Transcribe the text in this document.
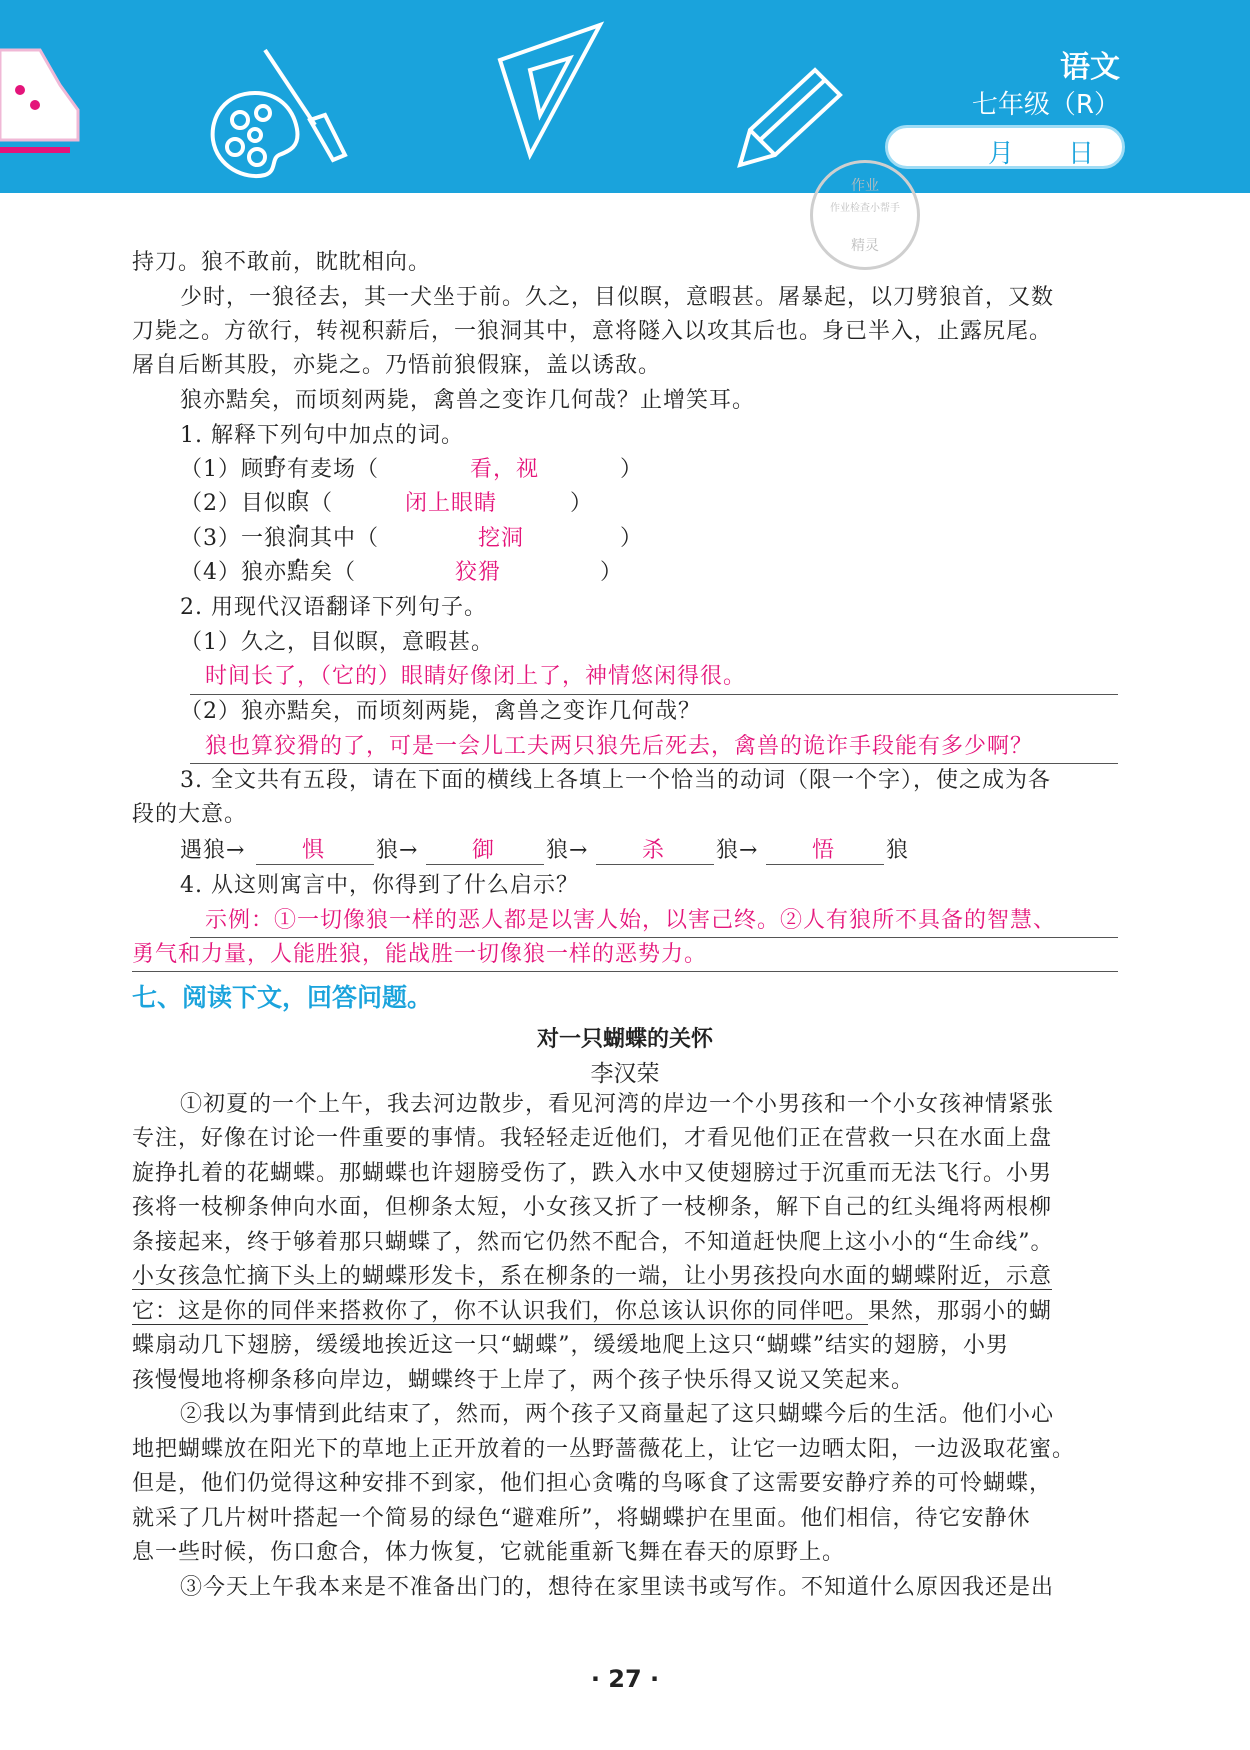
语文
七年级（R）
月 日
作业
作业检查小帮手
精灵
持刀。狼不敢前，眈眈相向。
少时，一狼径去，其一犬坐于前。久之，目似瞑，意暇甚。屠暴起，以刀劈狼首，又数
刀毙之。方欲行，转视积薪后，一狼洞其中，意将隧入以攻其后也。身已半入，止露尻尾。
屠自后断其股，亦毙之。乃悟前狼假寐，盖以诱敌。
狼亦黠矣，而顷刻两毙，禽兽之变诈几何哉？止增笑耳。
1. 解释下列句中加点的词。
（1）顾野有麦场（	看，视	）
（2）目似瞑（	闭上眼睛	）
（3）一狼洞其中（	挖洞	）
（4）狼亦黠矣（	狡猾	）
2. 用现代汉语翻译下列句子。
（1）久之，目似瞑，意暇甚。
时间长了，（它的）眼睛好像闭上了，神情悠闲得很。
（2）狼亦黠矣，而顷刻两毙，禽兽之变诈几何哉？
狼也算狡猾的了，可是一会儿工夫两只狼先后死去，禽兽的诡诈手段能有多少啊？
3. 全文共有五段，请在下面的横线上各填上一个恰当的动词（限一个字），使之成为各
段的大意。
遇狼→	惧 狼→ 御 狼→ 杀 狼→ 悟 狼
4. 从这则寓言中，你得到了什么启示？
示例：①一切像狼一样的恶人都是以害人始，以害己终。②人有狼所不具备的智慧、
勇气和力量，人能胜狼，能战胜一切像狼一样的恶势力。
七、阅读下文，回答问题。
对一只蝴蝶的关怀
李汉荣
①初夏的一个上午，我去河边散步，看见河湾的岸边一个小男孩和一个小女孩神情紧张
专注，好像在讨论一件重要的事情。我轻轻走近他们，才看见他们正在营救一只在水面上盘
旋挣扎着的花蝴蝶。那蝴蝶也许翅膀受伤了，跌入水中又使翅膀过于沉重而无法飞行。小男
孩将一枝柳条伸向水面，但柳条太短，小女孩又折了一枝柳条，解下自己的红头绳将两根柳
条接起来，终于够着那只蝴蝶了，然而它仍然不配合，不知道赶快爬上这小小的“生命线”。
小女孩急忙摘下头上的蝴蝶形发卡，系在柳条的一端，让小男孩投向水面的蝴蝶附近，示意
它：这是你的同伴来搭救你了，你不认识我们，你总该认识你的同伴吧。果然，那弱小的蝴
蝶扇动几下翅膀，缓缓地挨近这一只“蝴蝶”，缓缓地爬上这只“蝴蝶”结实的翅膀，小男
孩慢慢地将柳条移向岸边，蝴蝶终于上岸了，两个孩子快乐得又说又笑起来。
②我以为事情到此结束了，然而，两个孩子又商量起了这只蝴蝶今后的生活。他们小心
地把蝴蝶放在阳光下的草地上正开放着的一丛野蔷薇花上，让它一边晒太阳，一边汲取花蜜。
但是，他们仍觉得这种安排不到家，他们担心贪嘴的鸟啄食了这需要安静疗养的可怜蝴蝶，
就采了几片树叶搭起一个简易的绿色“避难所”，将蝴蝶护在里面。他们相信，待它安静休
息一些时候，伤口愈合，体力恢复，它就能重新飞舞在春天的原野上。
③今天上午我本来是不准备出门的，想待在家里读书或写作。不知道什么原因我还是出
· 27 ·
